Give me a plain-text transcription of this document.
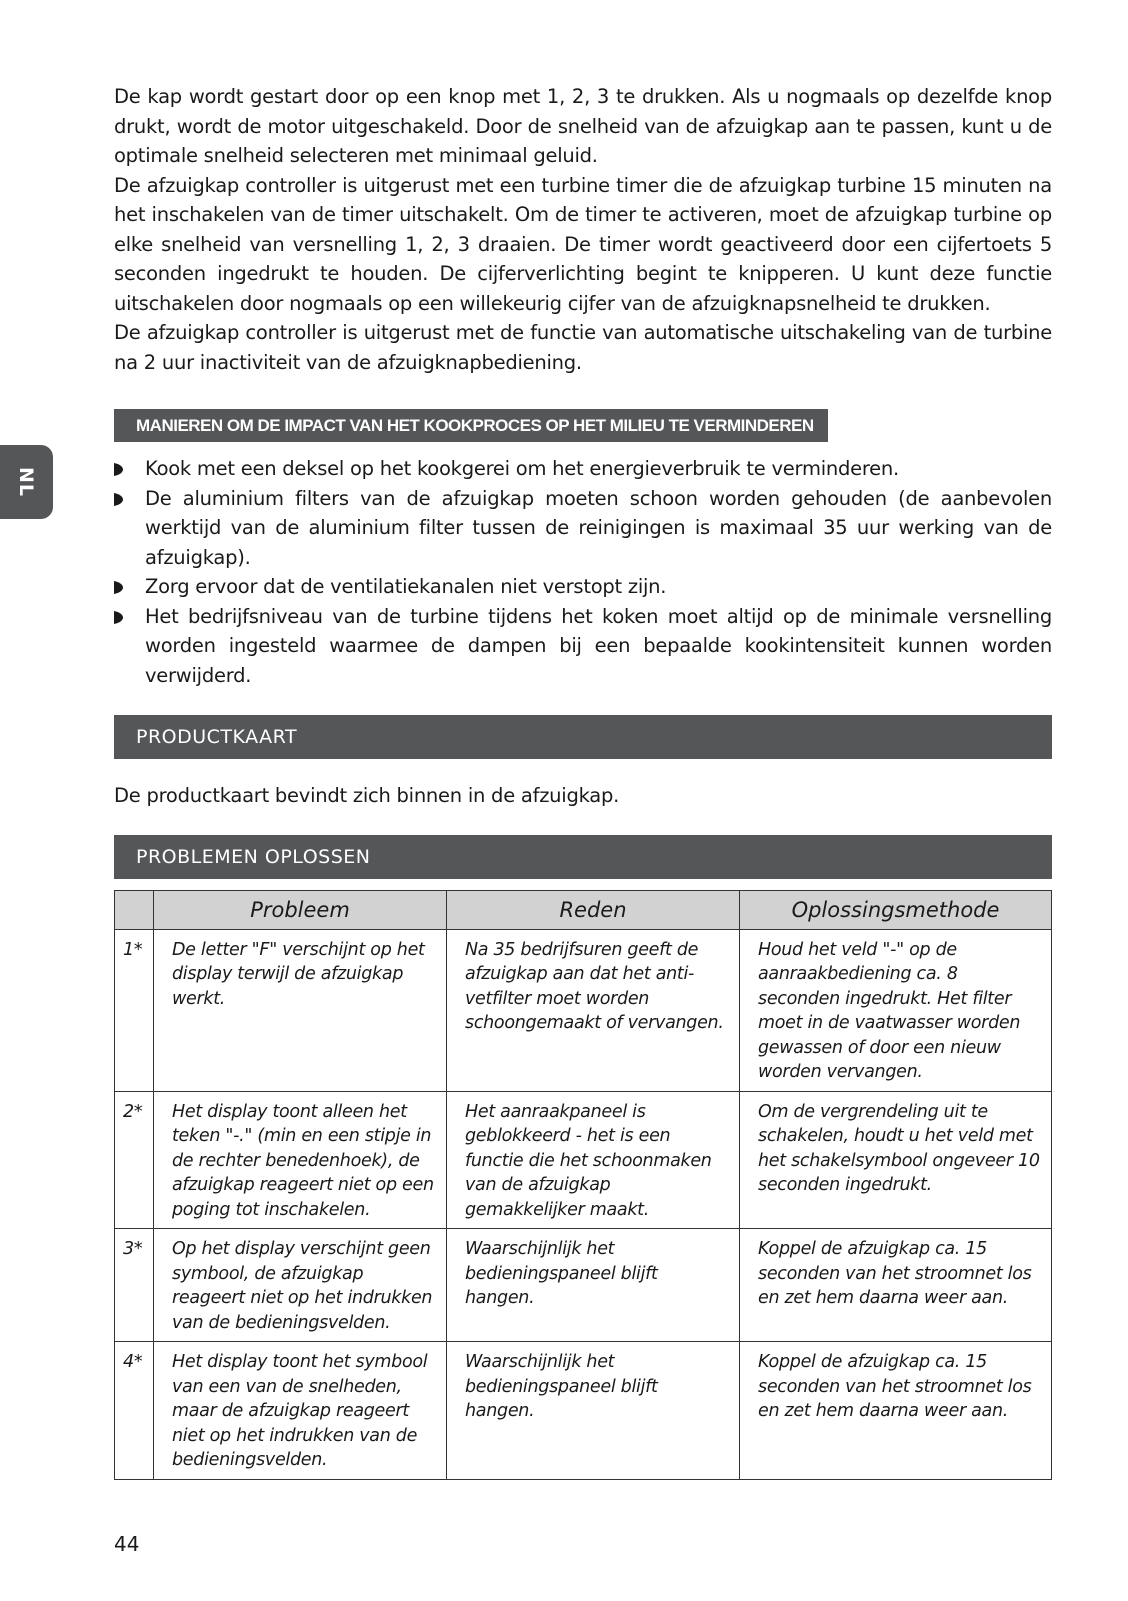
NL

De kap wordt gestart door op een knop met 1, 2, 3 te drukken. Als u nogmaals op dezelfde knop drukt, wordt de motor uitgeschakeld. Door de snelheid van de afzuigkap aan te passen, kunt u de optimale snelheid selecteren met minimaal geluid.

De afzuigkap controller is uitgerust met een turbine timer die de afzuigkap turbine 15 minuten na het inschakelen van de timer uitschakelt. Om de timer te activeren, moet de afzuigkap turbine op elke snelheid van versnelling 1, 2, 3 draaien. De timer wordt geactiveerd door een cijfertoets 5 seconden ingedrukt te houden. De cijferverlichting begint te knipperen. U kunt deze functie uitschakelen door nogmaals op een willekeurig cijfer van de afzuigknapsnelheid te drukken.

De afzuigkap controller is uitgerust met de functie van automatische uitschakeling van de turbine na 2 uur inactiviteit van de afzuigknapbediening.

MANIEREN OM DE IMPACT VAN HET KOOKPROCES OP HET MILIEU TE VERMINDEREN
Kook met een deksel op het kookgerei om het energieverbruik te verminderen.
De aluminium filters van de afzuigkap moeten schoon worden gehouden (de aanbevolen werktijd van de aluminium filter tussen de reinigingen is maximaal 35 uur werking van de afzuigkap).
Zorg ervoor dat de ventilatiekanalen niet verstopt zijn.
Het bedrijfsniveau van de turbine tijdens het koken moet altijd op de minimale versnelling worden ingesteld waarmee de dampen bij een bepaalde kookintensiteit kunnen worden verwijderd.
PRODUCTKAART

De productkaart bevindt zich binnen in de afzuigkap.

PROBLEMEN OPLOSSEN
	Probleem	Reden	Oplossingsmethode
1*	De letter "F" verschijnt op het display terwijl de afzuigkap werkt.	Na 35 bedrijfsuren geeft de afzuigkap aan dat het anti-vetfilter moet worden schoongemaakt of vervangen.	Houd het veld "-" op de aanraakbediening ca. 8 seconden ingedrukt. Het filter moet in de vaatwasser worden gewassen of door een nieuw worden vervangen.
2*	Het display toont alleen het teken "-." (min en een stipje in de rechter benedenhoek), de afzuigkap reageert niet op een poging tot inschakelen.	Het aanraakpaneel is geblokkeerd - het is een functie die het schoonmaken van de afzuigkap gemakkelijker maakt.	Om de vergrendeling uit te schakelen, houdt u het veld met het schakelsymbool ongeveer 10 seconden ingedrukt.
3*	Op het display verschijnt geen symbool, de afzuigkap reageert niet op het indrukken van de bedieningsvelden.	Waarschijnlijk het bedieningspaneel blijft hangen.	Koppel de afzuigkap ca. 15 seconden van het stroomnet los en zet hem daarna weer aan.
4*	Het display toont het symbool van een van de snelheden, maar de afzuigkap reageert niet op het indrukken van de bedieningsvelden.	Waarschijnlijk het bedieningspaneel blijft hangen.	Koppel de afzuigkap ca. 15 seconden van het stroomnet los en zet hem daarna weer aan.
44
